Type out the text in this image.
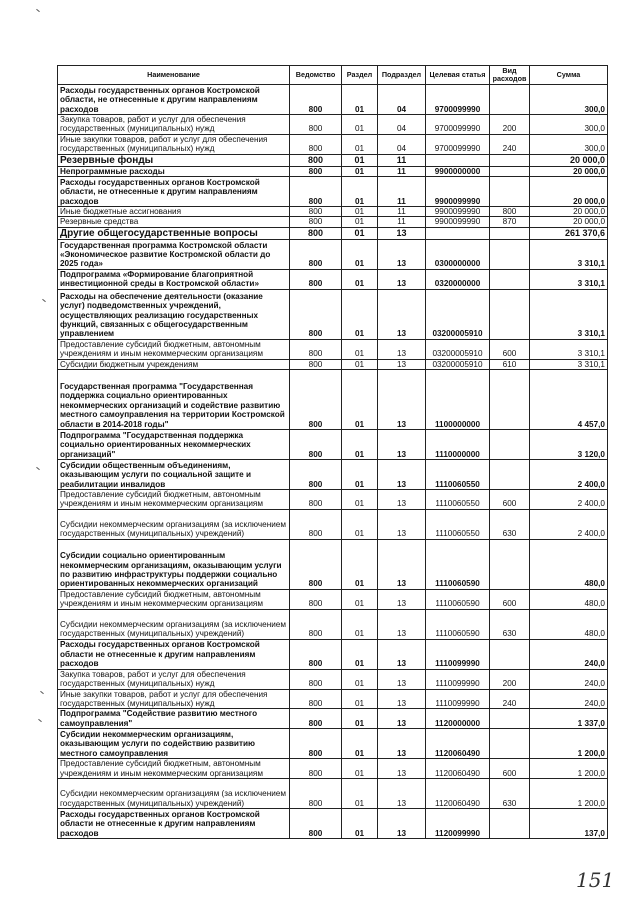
Наименование	Ведомство	Раздел	Подраздел	Целевая статья	Вид расходов	Сумма
Расходы государственных органов Костромской области, не отнесенные к другим направлениям расходов	800	01	04	9700099990		300,0
Закупка товаров, работ и услуг для обеспечения государственных (муниципальных) нужд	800	01	04	9700099990	200	300,0
Иные закупки товаров, работ и услуг для обеспечения государственных (муниципальных) нужд	800	01	04	9700099990	240	300,0
Резервные фонды	800	01	11			20 000,0
Непрограммные расходы	800	01	11	9900000000		20 000,0
Расходы государственных органов Костромской области, не отнесенные к другим направлениям расходов	800	01	11	9900099990		20 000,0
Иные бюджетные ассигнования	800	01	11	9900099990	800	20 000,0
Резервные средства	800	01	11	9900099990	870	20 000,0
Другие общегосударственные вопросы	800	01	13			261 370,6
Государственная программа Костромской области «Экономическое развитие Костромской области до 2025 года»	800	01	13	0300000000		3 310,1
Подпрограмма «Формирование благоприятной инвестиционной среды в Костромской области»	800	01	13	0320000000		3 310,1
Расходы на обеспечение деятельности (оказание услуг) подведомственных учреждений, осуществляющих реализацию государственных функций, связанных с общегосударственным управлением	800	01	13	03200005910		3 310,1
Предоставление субсидий бюджетным, автономным учреждениям и иным некоммерческим организациям	800	01	13	03200005910	600	3 310,1
Субсидии бюджетным учреждениям	800	01	13	03200005910	610	3 310,1
Государственная программа "Государственная поддержка социально ориентированных некоммерческих организаций и содействие развитию местного самоуправления на территории Костромской области в 2014-2018 годы"	800	01	13	1100000000		4 457,0
Подпрограмма "Государственная поддержка социально ориентированных некоммерческих организаций"	800	01	13	1110000000		3 120,0
Субсидии общественным объединениям, оказывающим услуги по социальной защите и реабилитации инвалидов	800	01	13	1110060550		2 400,0
Предоставление субсидий бюджетным, автономным учреждениям и иным некоммерческим организациям	800	01	13	1110060550	600	2 400,0
Субсидии некоммерческим организациям (за исключением государственных (муниципальных) учреждений)	800	01	13	1110060550	630	2 400,0
Субсидии социально ориентированным некоммерческим организациям, оказывающим услуги по развитию инфраструктуры поддержки социально ориентированных некоммерческих организаций	800	01	13	1110060590		480,0
Предоставление субсидий бюджетным, автономным учреждениям и иным некоммерческим организациям	800	01	13	1110060590	600	480,0
Субсидии некоммерческим организациям (за исключением государственных (муниципальных) учреждений)	800	01	13	1110060590	630	480,0
Расходы государственных органов Костромской области не отнесенные к другим направлениям расходов	800	01	13	1110099990		240,0
Закупка товаров, работ и услуг для обеспечения государственных (муниципальных) нужд	800	01	13	1110099990	200	240,0
Иные закупки товаров, работ и услуг для обеспечения государственных (муниципальных) нужд	800	01	13	1110099990	240	240,0
Подпрограмма "Содействие развитию местного самоуправления"	800	01	13	1120000000		1 337,0
Субсидии некоммерческим организациям, оказывающим услуги по содействию развитию местного самоуправления	800	01	13	1120060490		1 200,0
Предоставление субсидий бюджетным, автономным учреждениям и иным некоммерческим организациям	800	01	13	1120060490	600	1 200,0
Субсидии некоммерческим организациям (за исключением государственных (муниципальных) учреждений)	800	01	13	1120060490	630	1 200,0
Расходы государственных органов Костромской области не отнесенные к другим направлениям расходов	800	01	13	1120099990		137,0
151
